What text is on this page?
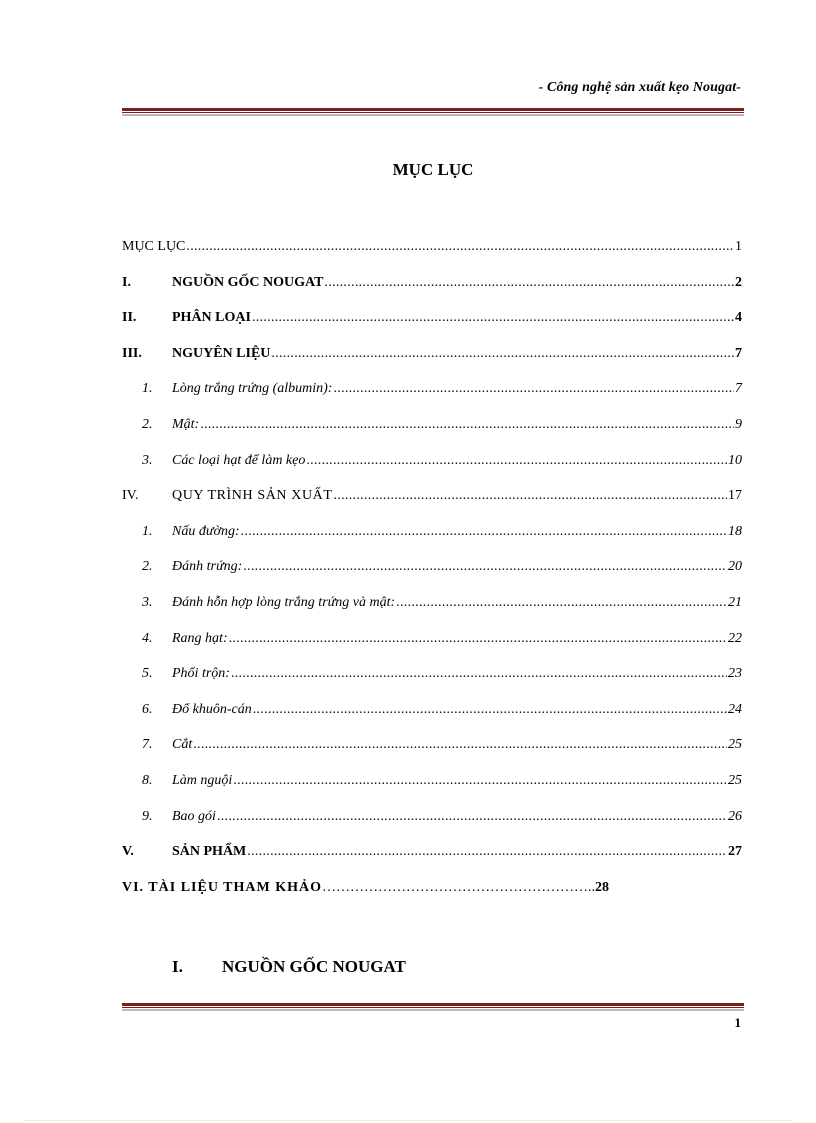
- Công nghệ sản xuất kẹo Nougat-
MỤC LỤC
MỤC LỤC .....	1
I.	NGUỒN GỐC NOUGAT .....	2
II.	PHÂN LOẠI .....	4
III.	NGUYÊN LIỆU .....	7
1.	Lòng trắng trứng (albumin): .....	7
2.	Mật: .....	9
3.	Các loại hạt để làm kẹo .....	10
IV.	QUY TRÌNH SẢN XUẤT .....	17
1.	Nấu đường: .....	18
2.	Đánh trứng: .....	20
3.	Đánh hỗn hợp lòng trắng trứng và mật: .....	21
4.	Rang hạt: .....	22
5.	Phối trộn: .....	23
6.	Đổ khuôn-cán .....	24
7.	Cắt .....	25
8.	Làm nguội .....	25
9.	Bao gói .....	26
V.	SẢN PHẨM .....	27
VI. TÀI LIỆU THAM KHẢO ………………………………………………….. 28
I.	NGUỒN GỐC NOUGAT
1
